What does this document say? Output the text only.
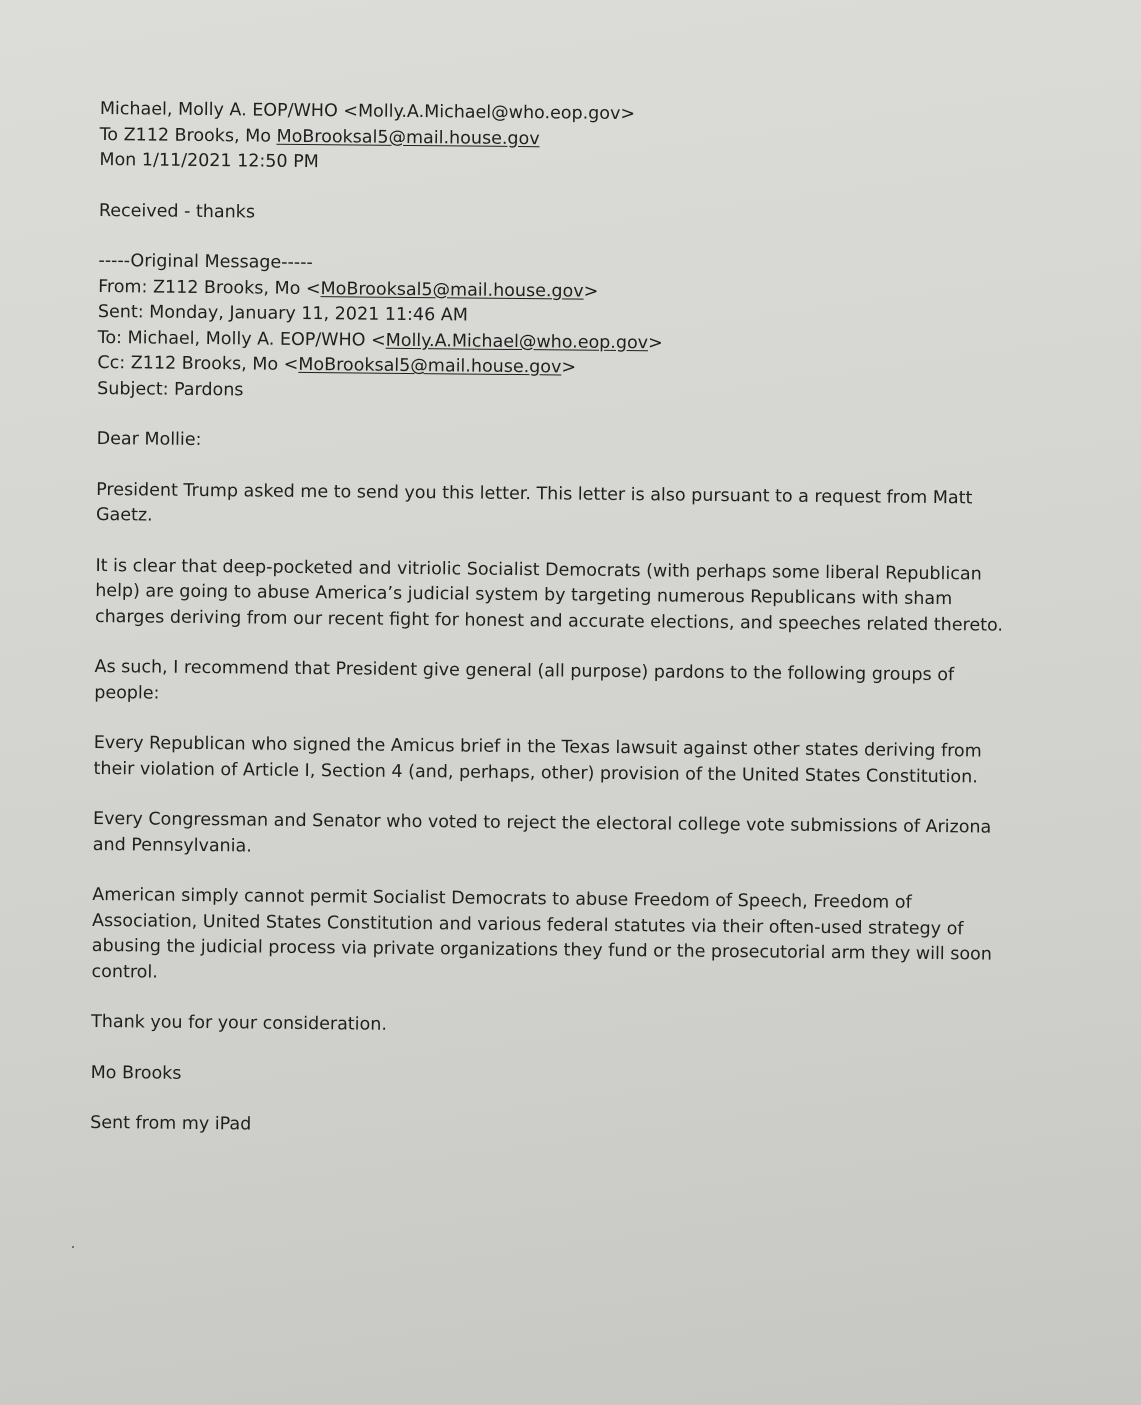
Michael, Molly A. EOP/WHO <Molly.A.Michael@who.eop.gov>
To Z112 Brooks, Mo MoBrooksal5@mail.house.gov
Mon 1/11/2021 12:50 PM
Received - thanks
-----Original Message-----
From: Z112 Brooks, Mo <MoBrooksal5@mail.house.gov>
Sent: Monday, January 11, 2021 11:46 AM
To: Michael, Molly A. EOP/WHO <Molly.A.Michael@who.eop.gov>
Cc: Z112 Brooks, Mo <MoBrooksal5@mail.house.gov>
Subject: Pardons

Dear Mollie:

President Trump asked me to send you this letter. This letter is also pursuant to a request from Matt
Gaetz.

It is clear that deep-pocketed and vitriolic Socialist Democrats (with perhaps some liberal Republican
help) are going to abuse America’s judicial system by targeting numerous Republicans with sham
charges deriving from our recent fight for honest and accurate elections, and speeches related thereto.

As such, I recommend that President give general (all purpose) pardons to the following groups of
people:

Every Republican who signed the Amicus brief in the Texas lawsuit against other states deriving from
their violation of Article I, Section 4 (and, perhaps, other) provision of the United States Constitution.

Every Congressman and Senator who voted to reject the electoral college vote submissions of Arizona
and Pennsylvania.

American simply cannot permit Socialist Democrats to abuse Freedom of Speech, Freedom of
Association, United States Constitution and various federal statutes via their often-used strategy of
abusing the judicial process via private organizations they fund or the prosecutorial arm they will soon
control.

Thank you for your consideration.

Mo Brooks

Sent from my iPad
